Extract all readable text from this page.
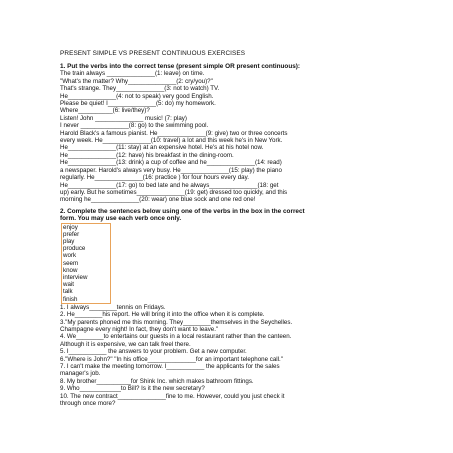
PRESENT SIMPLE VS PRESENT CONTINUOUS EXERCISES
1. Put the verbs into the correct tense (present simple OR present continuous):
The train always ______________(1: leave) on time.
"What's the matter? Why______________(2: cry/you)?"
That's strange. They______________(3: not to watch) TV.
He______________(4: not to speak) very good English.
Please be quiet! I______________(5: do) my homework.
Where__________(6: live/they)?
Listen! John ______________ music! (7: play)
I never ______________(8: go) to the swimming pool.
Harold Black's a famous pianist. He______________(9: give) two or three concerts
every week. He______________(10: travel) a lot and this week he's in New York.
He______________(11: stay) at an expensive hotel. He's at his hotel now.
He______________(12: have) his breakfast in the dining-room.
He______________(13: drink) a cup of coffee and he______________(14: read)
a newspaper. Harold's always very busy. He______________(15: play) the piano
regularly. He______________(16: practice ) for four hours every day.
He______________(17: go) to bed late and he always______________(18: get
up) early. But he sometimes______________(19: get) dressed too quickly, and this
morning he______________(20: wear) one blue sock and one red one!
2. Complete the sentences below using one of the verbs in the box in the correct
form. You may use each verb once only.
enjoy
prefer
play
produce
work
seem
know
interview
wait
talk
finish
1. I always________tennis on Fridays.
2. He________his report. He will bring it into the office when it is complete.
3."My parents phoned me this morning. They________themselves in the Seychelles.
Champagne every night! In fact, they don't want to leave."
4. We________to entertains our guests in a local restaurant rather than the canteen.
Although it is expensive, we can talk freel there.
5. I___________ the answers to your problem. Get a new computer.
6."Where is John?" "In his office______________for an important telephone call."
7. I can't make the meeting tomorrow. I___________ the applicants for the sales
manager's job.
8. My brother__________for Shink Inc. which makes bathroom fittings.
9. Who____________to Bill? Is it the new secretary?
10. The new contract______________fine to me. However, could you just check it
through once more?
